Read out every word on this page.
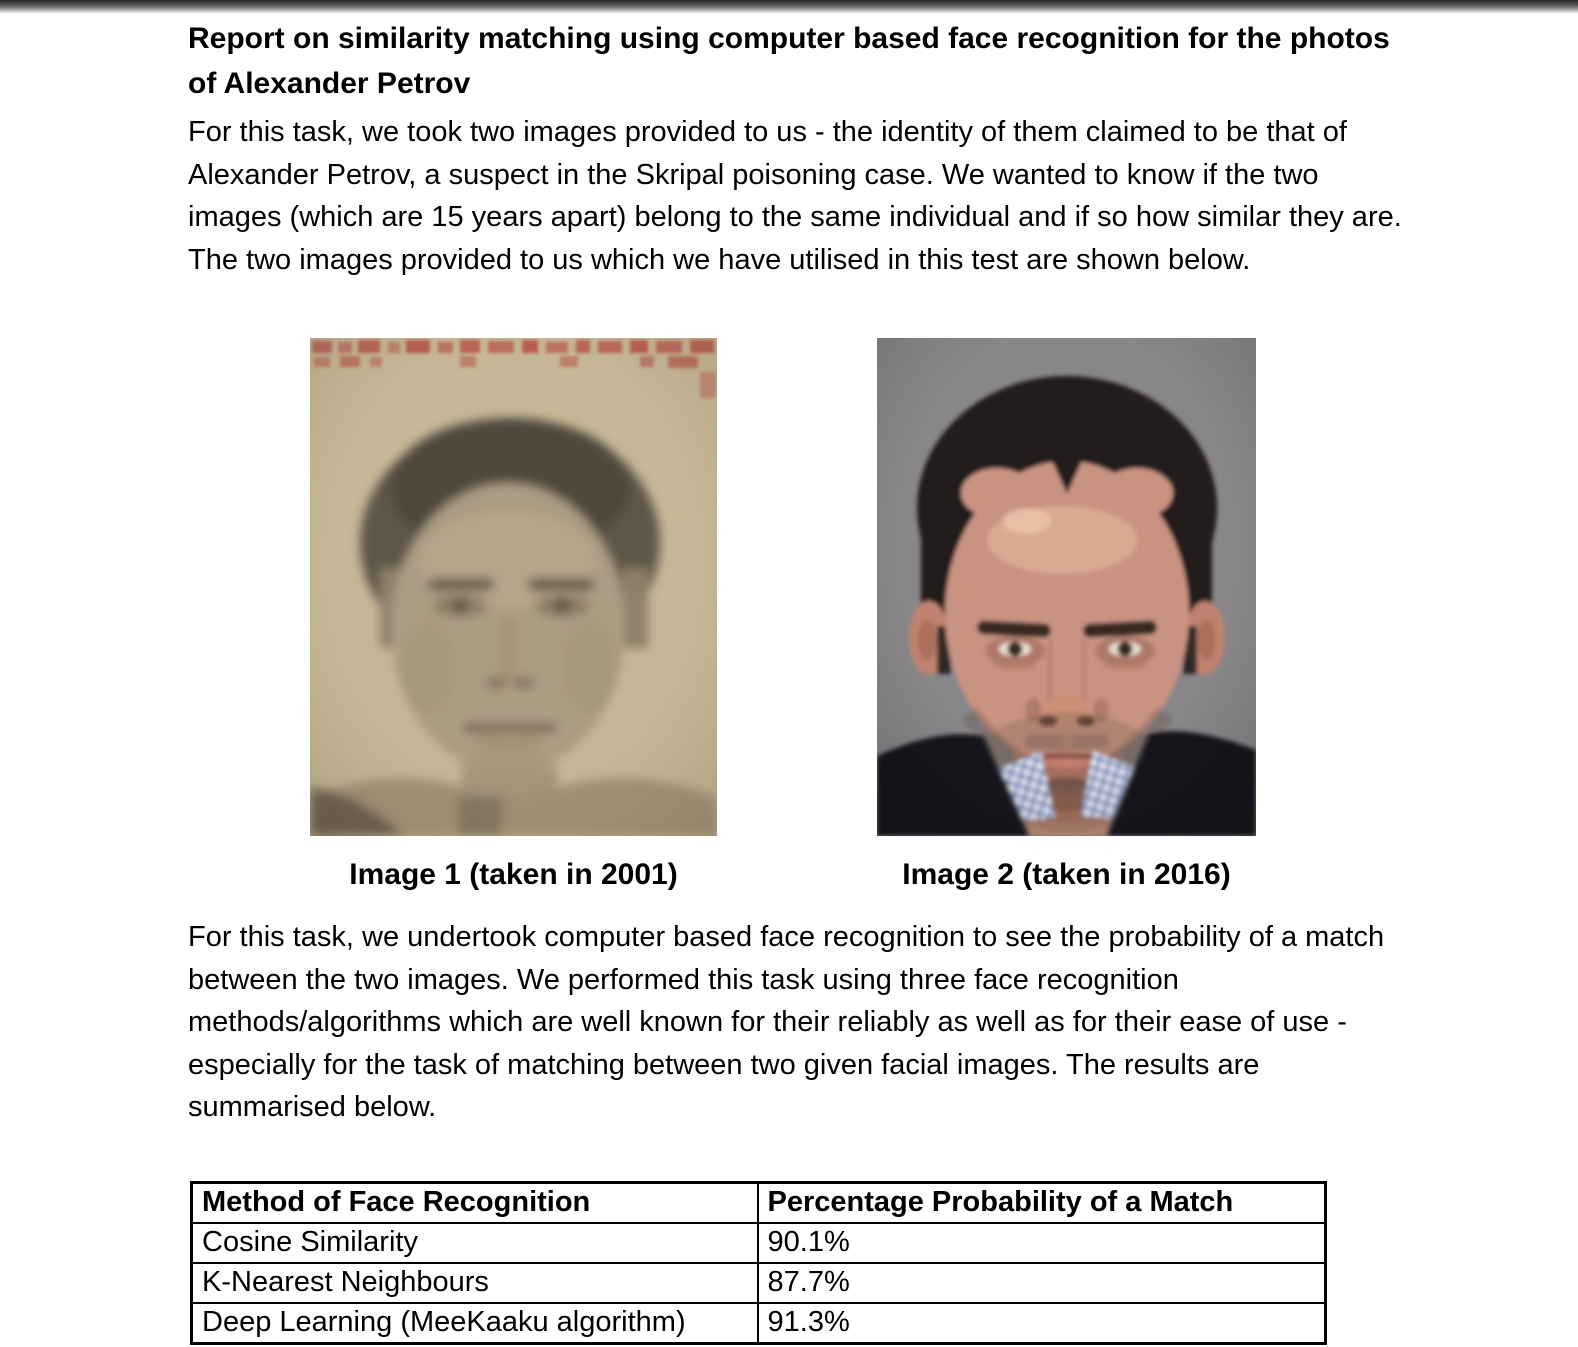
Report on similarity matching using computer based face recognition for the photos of Alexander Petrov

For this task, we took two images provided to us - the identity of them claimed to be that of Alexander Petrov, a suspect in the Skripal poisoning case. We wanted to know if the two images (which are 15 years apart) belong to the same individual and if so how similar they are. The two images provided to us which we have utilised in this test are shown below.

Image 1 (taken in 2001)	Image 2 (taken in 2016)

For this task, we undertook computer based face recognition to see the probability of a match between the two images. We performed this task using three face recognition methods/algorithms which are well known for their reliably as well as for their ease of use - especially for the task of matching between two given facial images. The results are summarised below.

Method of Face Recognition	Percentage Probability of a Match
Cosine Similarity	90.1%
K-Nearest Neighbours	87.7%
Deep Learning (MeeKaaku algorithm)	91.3%
